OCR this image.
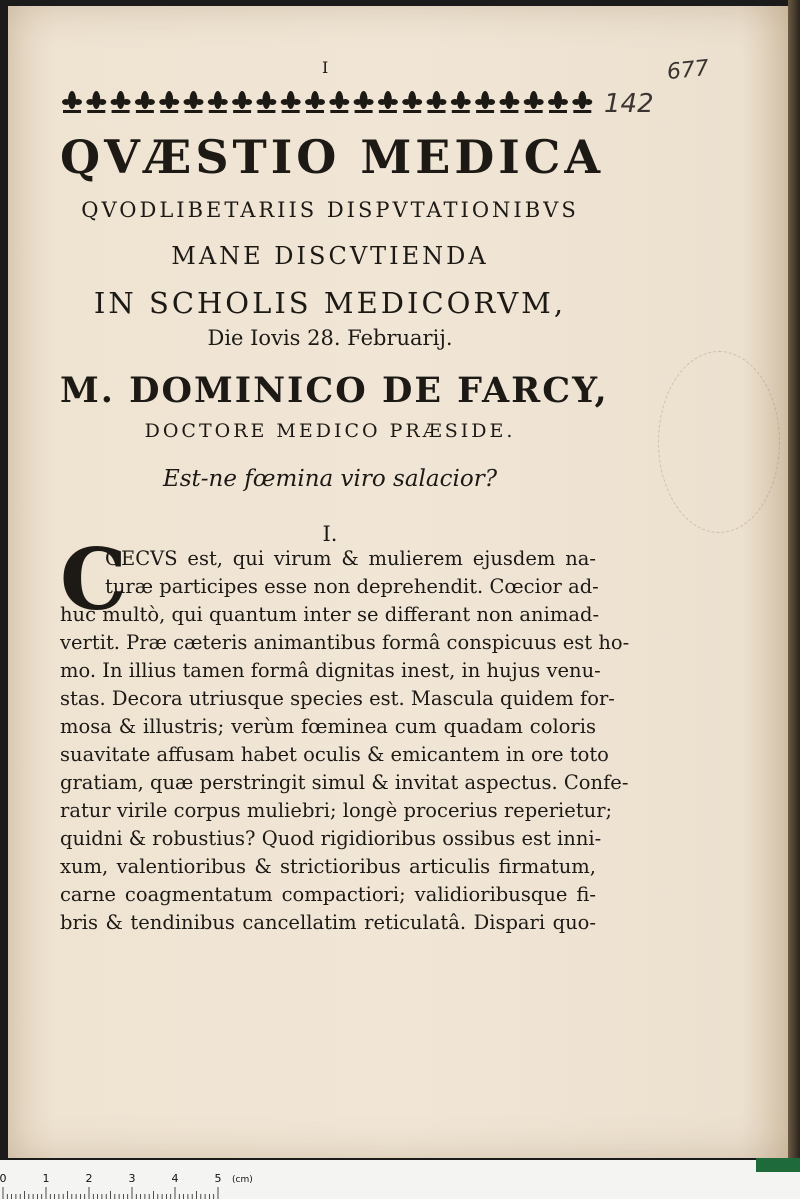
I	677
142
QVÆSTIO MEDICA
QVODLIBETARIIS DISPVTATIONIBVS
MANE DISCVTIENDA
IN SCHOLIS MEDICORVM,
Die Iovis 28. Februarij.
M. DOMINICO DE FARCY,
DOCTORE MEDICO PRÆSIDE.
Est-ne fœmina viro salacior?
I.
C
OECVS est, qui virum & mulierem ejusdem na-
turæ participes esse non deprehendit. Cœcior ad-
huc multò, qui quantum inter se differant non animad-
vertit. Præ cæteris animantibus formâ conspicuus est ho-
mo. In illius tamen formâ dignitas inest, in hujus venu-
stas. Decora utriusque species est. Mascula quidem for-
mosa & illustris; verùm fœminea cum quadam coloris
suavitate affusam habet oculis & emicantem in ore toto
gratiam, quæ perstringit simul & invitat aspectus. Confe-
ratur virile corpus muliebri; longè procerius reperietur;
quidni & robustius? Quod rigidioribus ossibus est inni-
xum, valentioribus & strictioribus articulis firmatum,
carne coagmentatum compactiori; validioribusque fi-
bris & tendinibus cancellatim reticulatâ. Dispari quo-
0	1	2	3	4	5 (cm)
